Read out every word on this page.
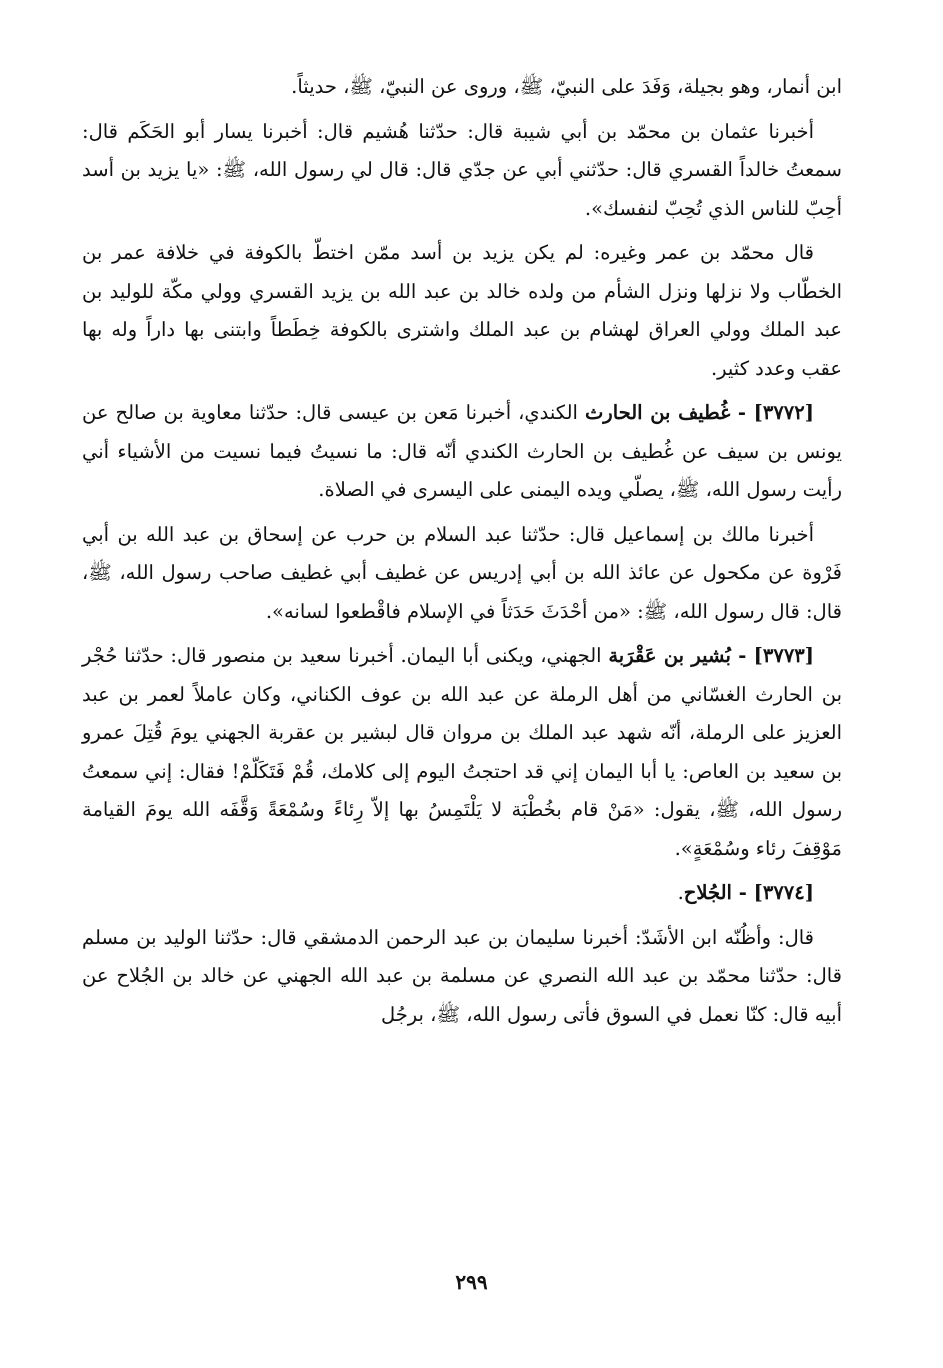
ابن أنمار، وهو بجيلة، وَفَدَ على النبيّ، ﷺ، وروى عن النبيّ، ﷺ، حديثاً.

أخبرنا عثمان بن محمّد بن أبي شيبة قال: حدّثنا هُشيم قال: أخبرنا يسار أبو الحَكَم قال: سمعتُ خالداً القسري قال: حدّثني أبي عن جدّي قال: قال لي رسول الله، ﷺ: «يا يزيد بن أسد أحِبّ للناس الذي تُحِبّ لنفسك».

قال محمّد بن عمر وغيره: لم يكن يزيد بن أسد ممّن اختطّ بالكوفة في خلافة عمر بن الخطّاب ولا نزلها ونزل الشأم من ولده خالد بن عبد الله بن يزيد القسري وولي مكّة للوليد بن عبد الملك وولي العراق لهشام بن عبد الملك واشترى بالكوفة خِطَطاً وابتنى بها داراً وله بها عقب وعدد كثير.

[٣٧٧٢] - غُطيف بن الحارث الكندي، أخبرنا مَعن بن عيسى قال: حدّثنا معاوية بن صالح عن يونس بن سيف عن غُطيف بن الحارث الكندي أنّه قال: ما نسيتُ فيما نسيت من الأشياء أني رأيت رسول الله، ﷺ، يصلّي ويده اليمنى على اليسرى في الصلاة.

أخبرنا مالك بن إسماعيل قال: حدّثنا عبد السلام بن حرب عن إسحاق بن عبد الله بن أبي فَرْوة عن مكحول عن عائذ الله بن أبي إدريس عن غطيف أبي غطيف صاحب رسول الله، ﷺ، قال: قال رسول الله، ﷺ: «من أحْدَثَ حَدَثاً في الإسلام فاقْطعوا لسانه».

[٣٧٧٣] - بُشير بن عَقْرَبة الجهني، ويكنى أبا اليمان. أخبرنا سعيد بن منصور قال: حدّثنا حُجْر بن الحارث الغسّاني من أهل الرملة عن عبد الله بن عوف الكناني، وكان عاملاً لعمر بن عبد العزيز على الرملة، أنّه شهد عبد الملك بن مروان قال لبشير بن عقربة الجهني يومَ قُتِلَ عمرو بن سعيد بن العاص: يا أبا اليمان إني قد احتجتُ اليوم إلى كلامك، قُمْ فَتَكَلّمْ! فقال: إني سمعتُ رسول الله، ﷺ، يقول: «مَنْ قام بخُطْبَة لا يَلْتَمِسُ بها إلاّ رِئاءً وسُمْعَةً وَقَّفَه الله يومَ القيامة مَوْقِفَ رئاء وسُمْعَةٍ».

[٣٧٧٤] - الجُلاح.

قال: وأظُنّه ابن الأشَدّ: أخبرنا سليمان بن عبد الرحمن الدمشقي قال: حدّثنا الوليد بن مسلم قال: حدّثنا محمّد بن عبد الله النصري عن مسلمة بن عبد الله الجهني عن خالد بن الجُلاح عن أبيه قال: كنّا نعمل في السوق فأتى رسول الله، ﷺ، برجُل

٢٩٩
